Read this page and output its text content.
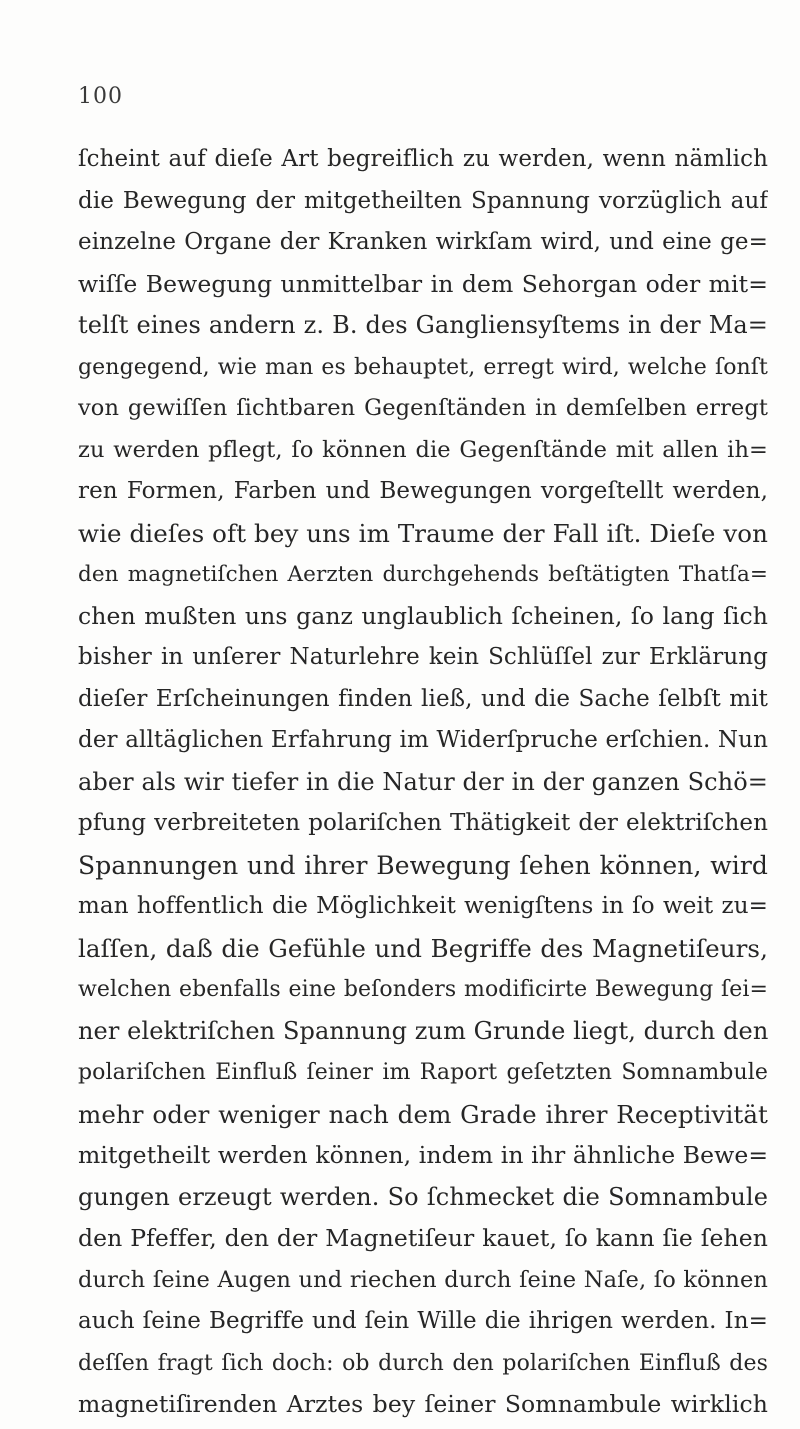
100
ſcheint auf dieſe Art begreiflich zu werden, wenn nämlich
die Bewegung der mitgetheilten Spannung vorzüglich auf
einzelne Organe der Kranken wirkſam wird, und eine ge=
wiſſe Bewegung unmittelbar in dem Sehorgan oder mit=
telſt eines andern z. B. des Gangliensyſtems in der Ma=
gengegend, wie man es behauptet, erregt wird, welche ſonſt
von gewiſſen ſichtbaren Gegenſtänden in demſelben erregt
zu werden pflegt, ſo können die Gegenſtände mit allen ih=
ren Formen, Farben und Bewegungen vorgeſtellt werden,
wie dieſes oft bey uns im Traume der Fall iſt. Dieſe von
den magnetiſchen Aerzten durchgehends beſtätigten Thatſa=
chen mußten uns ganz unglaublich ſcheinen, ſo lang ſich
bisher in unſerer Naturlehre kein Schlüſſel zur Erklärung
dieſer Erſcheinungen finden ließ, und die Sache ſelbſt mit
der alltäglichen Erfahrung im Widerſpruche erſchien. Nun
aber als wir tiefer in die Natur der in der ganzen Schö=
pfung verbreiteten polariſchen Thätigkeit der elektriſchen
Spannungen und ihrer Bewegung ſehen können, wird
man hoffentlich die Möglichkeit wenigſtens in ſo weit zu=
laſſen, daß die Gefühle und Begriffe des Magnetiſeurs,
welchen ebenfalls eine beſonders modificirte Bewegung ſei=
ner elektriſchen Spannung zum Grunde liegt, durch den
polariſchen Einfluß ſeiner im Raport geſetzten Somnambule
mehr oder weniger nach dem Grade ihrer Receptivität
mitgetheilt werden können, indem in ihr ähnliche Bewe=
gungen erzeugt werden. So ſchmecket die Somnambule
den Pfeffer, den der Magnetiſeur kauet, ſo kann ſie ſehen
durch ſeine Augen und riechen durch ſeine Naſe, ſo können
auch ſeine Begriffe und ſein Wille die ihrigen werden. In=
deſſen fragt ſich doch: ob durch den polariſchen Einfluß des
magnetiſirenden Arztes bey ſeiner Somnambule wirklich
